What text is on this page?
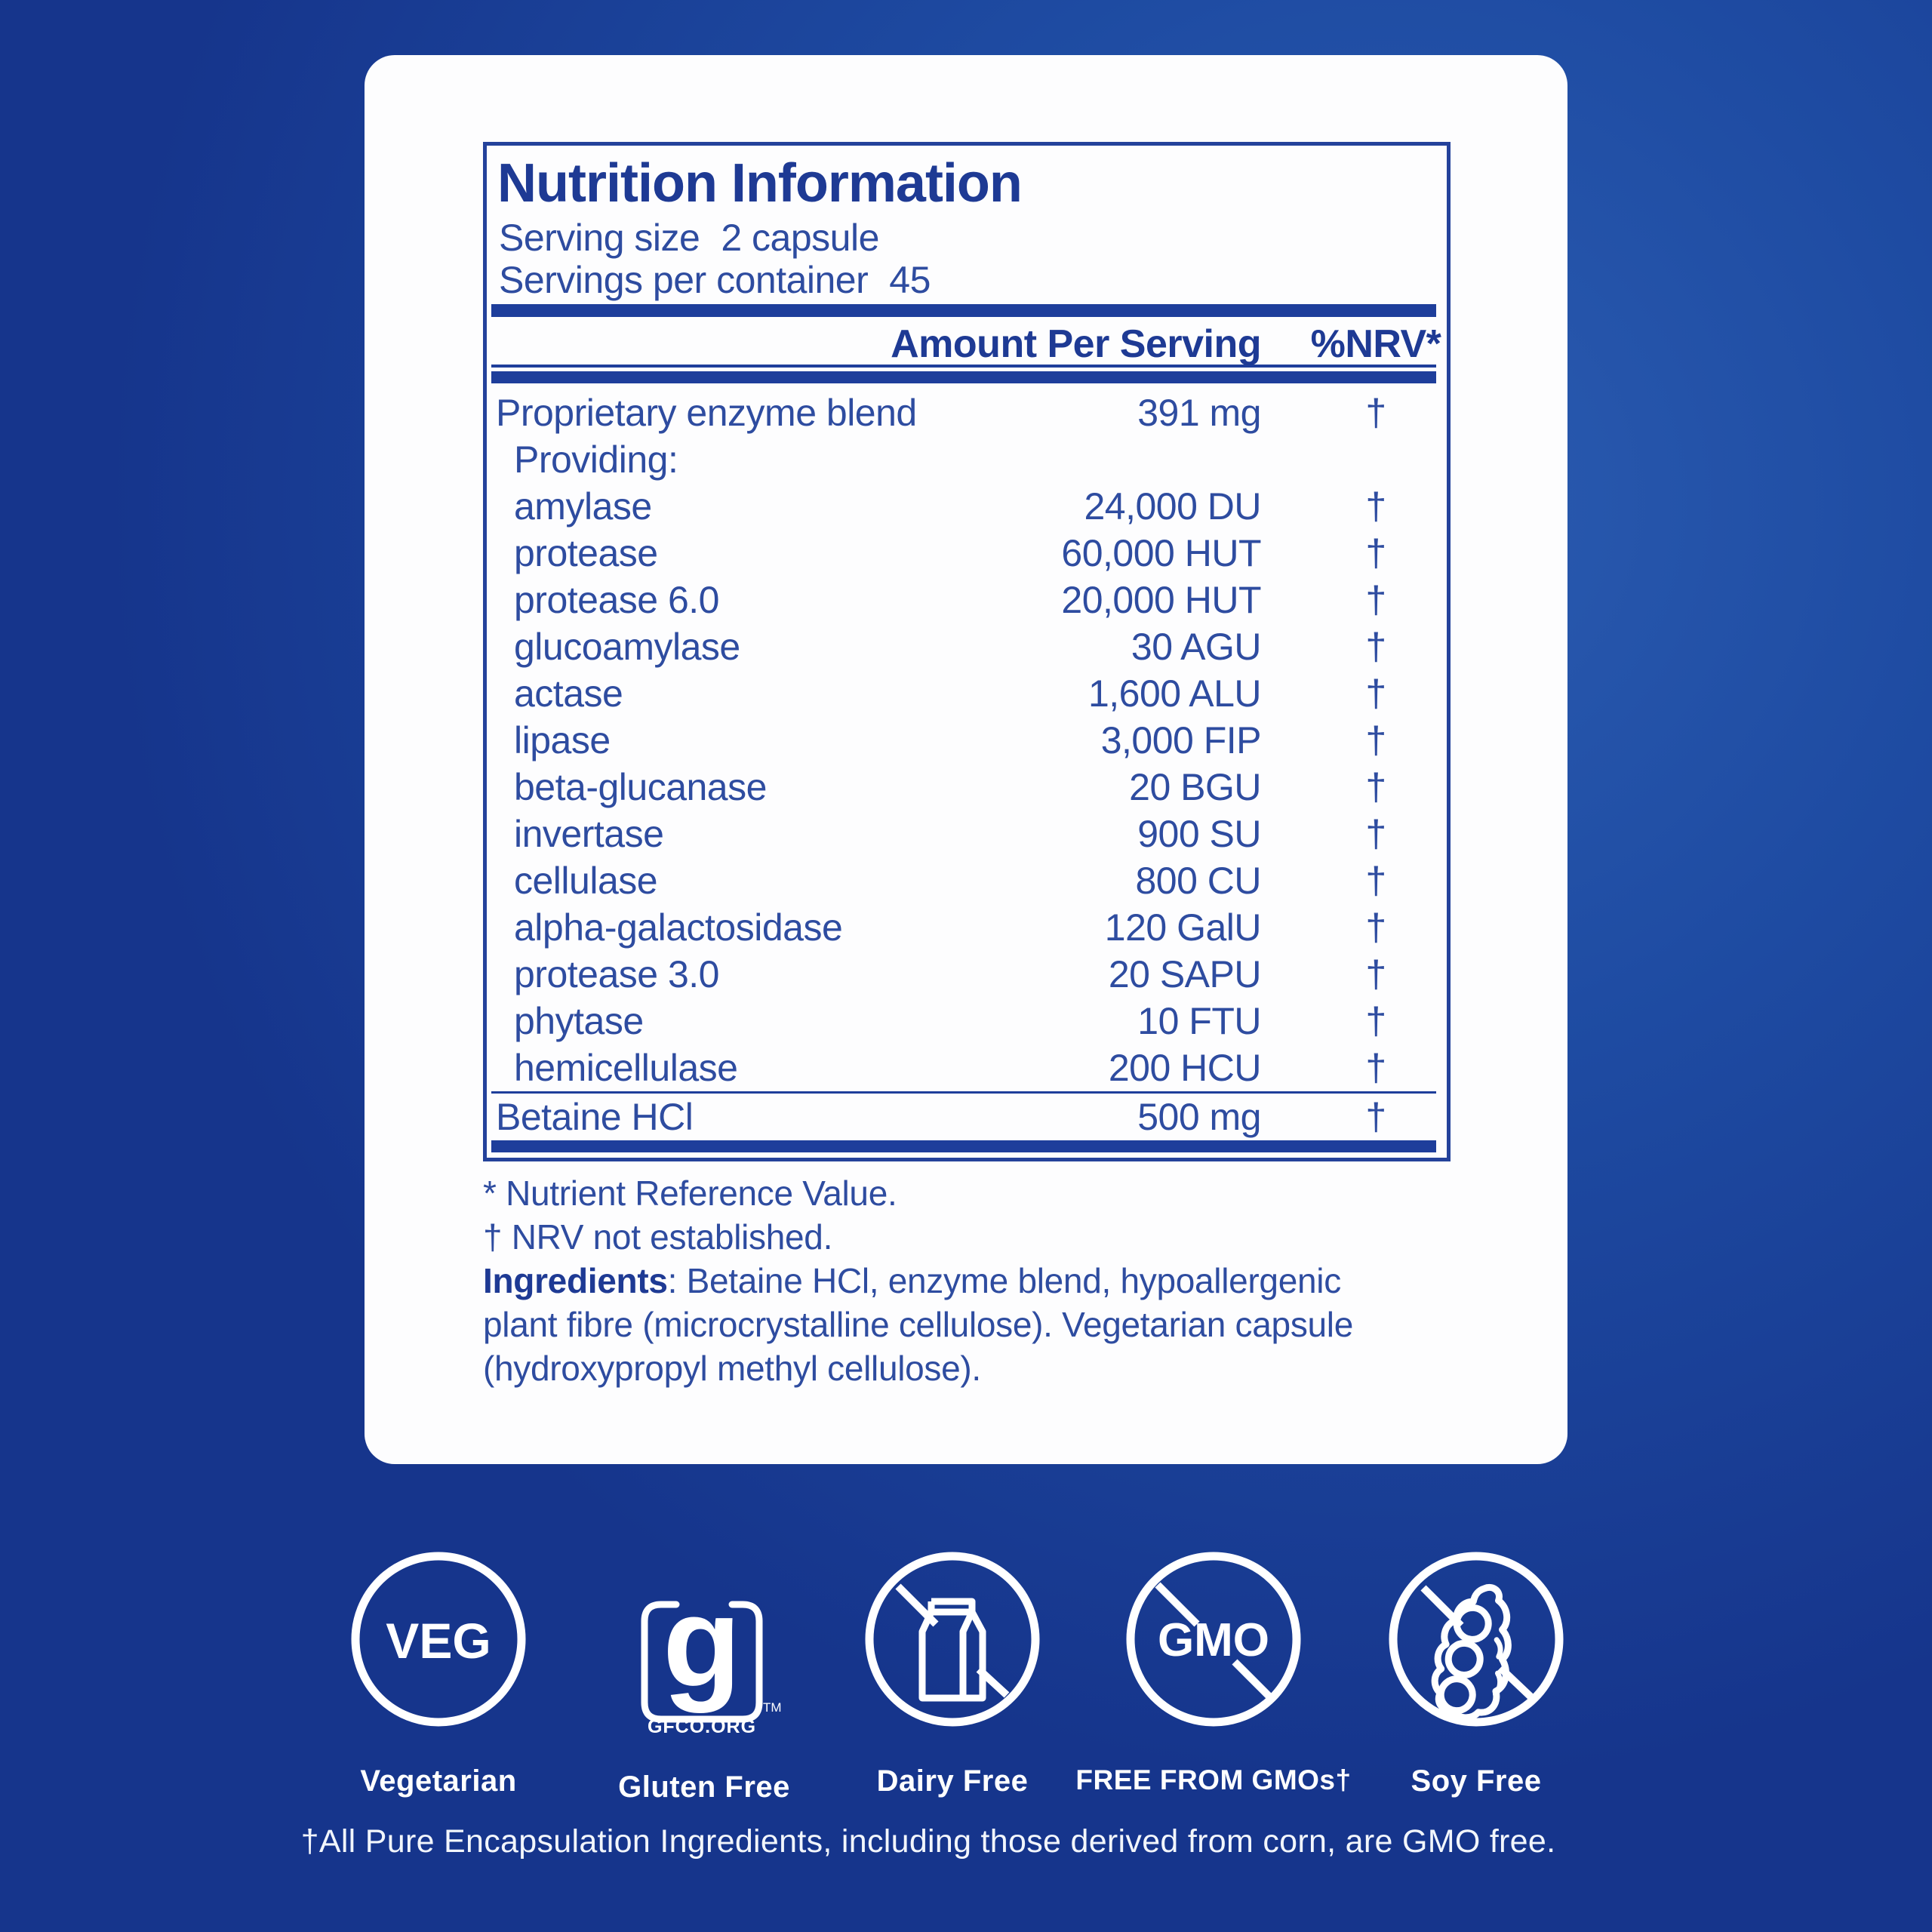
Nutrition Information
Serving size 2 capsule
Servings per container 45
Amount Per Serving	%NRV*
Proprietary enzyme blend	391 mg	†
Providing:
amylase	24,000 DU	†
protease	60,000 HUT	†
protease 6.0	20,000 HUT	†
glucoamylase	30 AGU	†
actase	1,600 ALU	†
lipase	3,000 FIP	†
beta-glucanase	20 BGU	†
invertase	900 SU	†
cellulase	800 CU	†
alpha-galactosidase	120 GalU	†
protease 3.0	20 SAPU	†
phytase	10 FTU	†
hemicellulase	200 HCU	†
Betaine HCl	500 mg	†
* Nutrient Reference Value.
† NRV not established.
Ingredients: Betaine HCl, enzyme blend, hypoallergenic
plant fibre (microcrystalline cellulose). Vegetarian capsule
(hydroxypropyl methyl cellulose).
VEG
Vegetarian
g TM
GFCO.ORG
Gluten Free	Dairy Free
GMO
FREE FROM GMOs†	Soy Free
†All Pure Encapsulation Ingredients, including those derived from corn, are GMO free.
